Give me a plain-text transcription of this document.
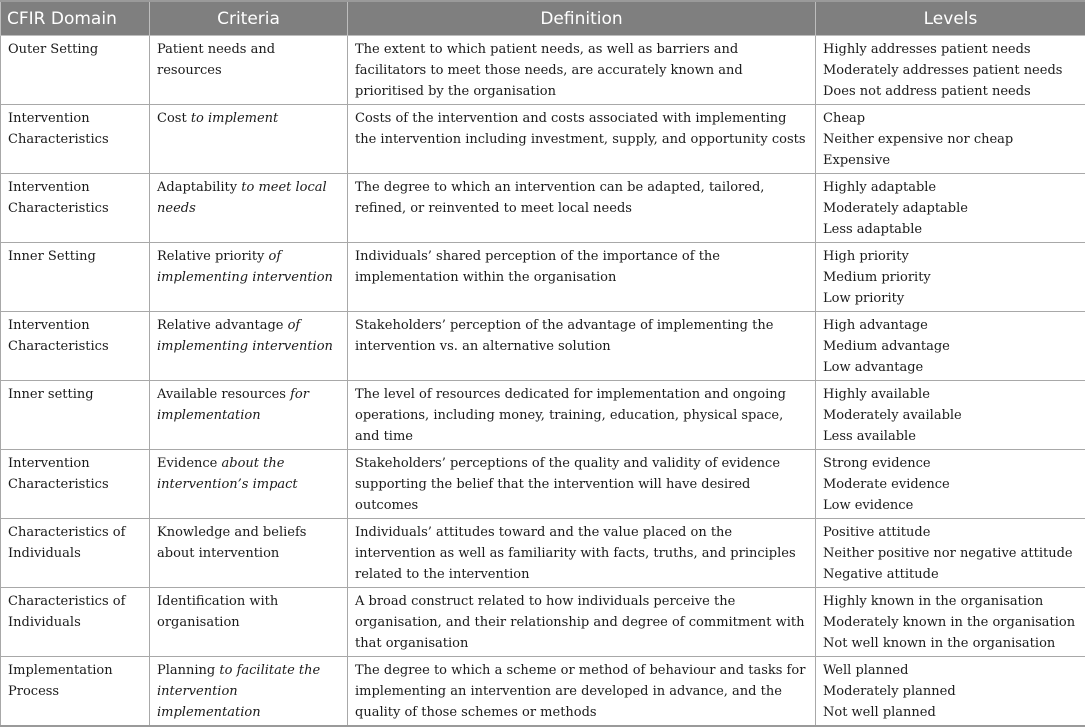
CFIR Domain	Criteria	Definition	Levels
Outer Setting	Patient needs and resources	The extent to which patient needs, as well as barriers and facilitators to meet those needs, are accurately known and prioritised by the organisation	Highly addresses patient needs
Moderately addresses patient needs
Does not address patient needs

Intervention Characteristics	Cost to implement	Costs of the intervention and costs associated with implementing the intervention including investment, supply, and opportunity costs	Cheap
Neither expensive nor cheap
Expensive

Intervention Characteristics	Adaptability to meet local needs	The degree to which an intervention can be adapted, tailored, refined, or reinvented to meet local needs	Highly adaptable
Moderately adaptable
Less adaptable

Inner Setting	Relative priority of implementing intervention	Individuals’ shared perception of the importance of the implementation within the organisation	High priority
Medium priority
Low priority

Intervention Characteristics	Relative advantage of implementing intervention	Stakeholders’ perception of the advantage of implementing the intervention vs. an alternative solution	High advantage
Medium advantage
Low advantage

Inner setting	Available resources for implementation	The level of resources dedicated for implementation and ongoing operations, including money, training, education, physical space, and time	Highly available
Moderately available
Less available

Intervention Characteristics	Evidence about the intervention’s impact	Stakeholders’ perceptions of the quality and validity of evidence supporting the belief that the intervention will have desired outcomes	Strong evidence
Moderate evidence
Low evidence

Characteristics of Individuals	Knowledge and beliefs about intervention	Individuals’ attitudes toward and the value placed on the intervention as well as familiarity with facts, truths, and principles related to the intervention	Positive attitude
Neither positive nor negative attitude
Negative attitude

Characteristics of Individuals	Identification with organisation	A broad construct related to how individuals perceive the organisation, and their relationship and degree of commitment with that organisation	Highly known in the organisation
Moderately known in the organisation
Not well known in the organisation

Implementation Process	Planning to facilitate the intervention implementation	The degree to which a scheme or method of behaviour and tasks for implementing an intervention are developed in advance, and the quality of those schemes or methods	Well planned
Moderately planned
Not well planned
